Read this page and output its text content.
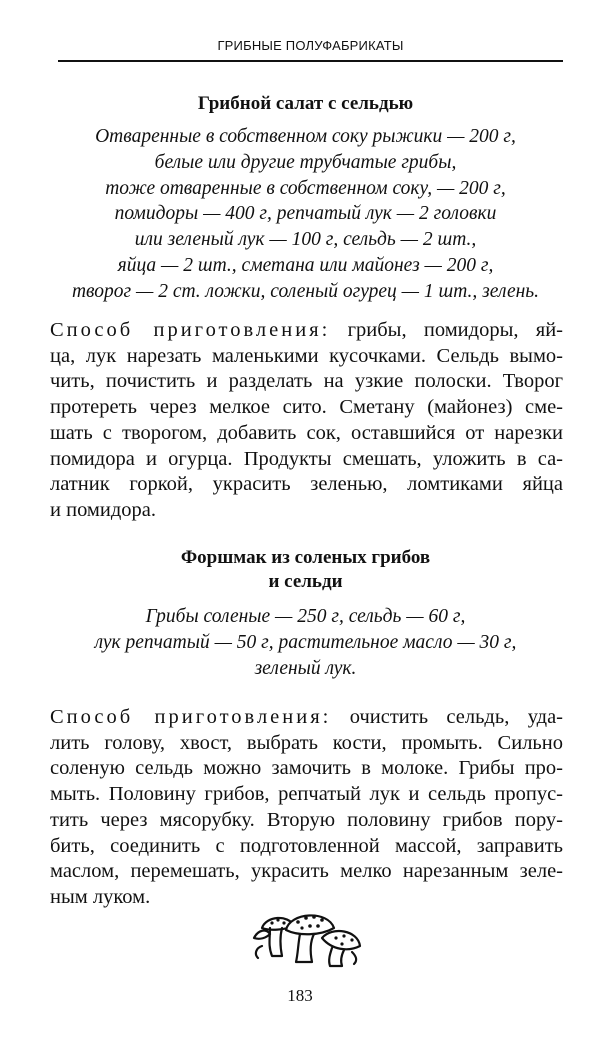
ГРИБНЫЕ ПОЛУФАБРИКАТЫ
Грибной салат с сельдью
Отваренные в собственном соку рыжики — 200 г,
белые или другие трубчатые грибы,
тоже отваренные в собственном соку, — 200 г,
помидоры — 400 г, репчатый лук — 2 головки
или зеленый лук — 100 г, сельдь — 2 шт.,
яйца — 2 шт., сметана или майонез — 200 г,
творог — 2 ст. ложки, соленый огурец — 1 шт., зелень.
Способ приготовления: грибы, помидоры, яй-
ца, лук нарезать маленькими кусочками. Сельдь вымо-
чить, почистить и разделать на узкие полоски. Творог
протереть через мелкое сито. Сметану (майонез) сме-
шать с творогом, добавить сок, оставшийся от нарезки
помидора и огурца. Продукты смешать, уложить в са-
латник горкой, украсить зеленью, ломтиками яйца
и помидора.
Форшмак из соленых грибов
и сельди
Грибы соленые — 250 г, сельдь — 60 г,
лук репчатый — 50 г, растительное масло — 30 г,
зеленый лук.
Способ приготовления: очистить сельдь, уда-
лить голову, хвост, выбрать кости, промыть. Сильно
соленую сельдь можно замочить в молоке. Грибы про-
мыть. Половину грибов, репчатый лук и сельдь пропус-
тить через мясорубку. Вторую половину грибов пору-
бить, соединить с подготовленной массой, заправить
маслом, перемешать, украсить мелко нарезанным зеле-
ным луком.
183
